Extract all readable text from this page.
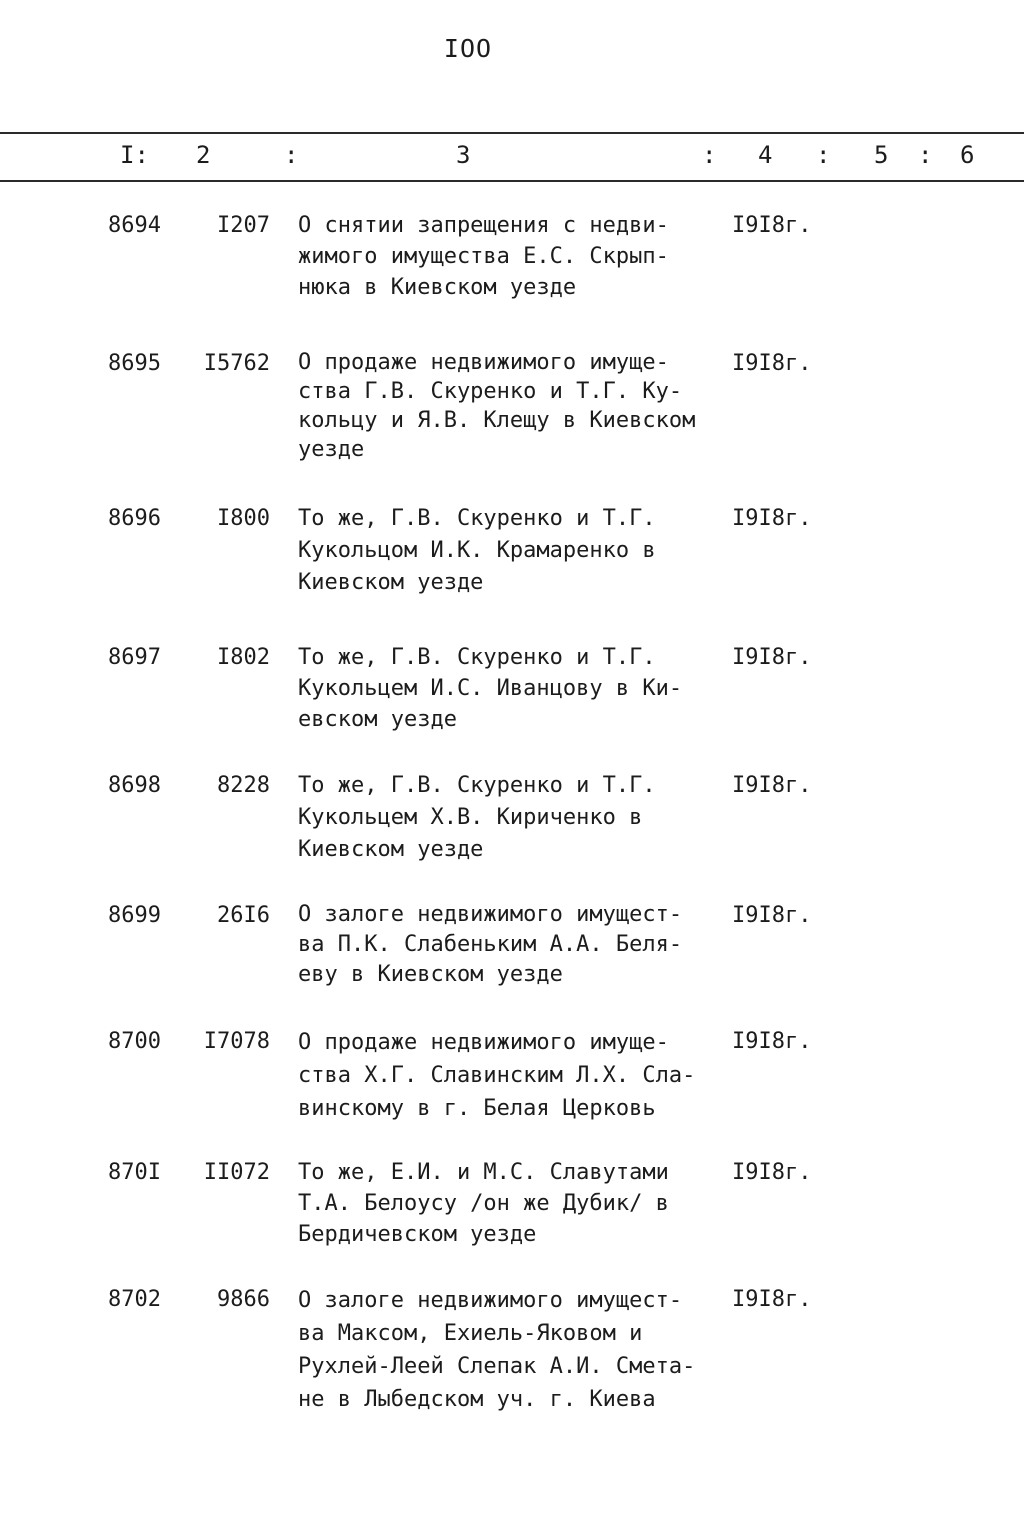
IOO
I: 2	:	3	: 4 : 5 : 6
8694	I207 О снятии запрещения с недви-
жимого имущества Е.С. Скрып-
нюка в Киевском уезде
I9I8г.
8695	I5762 О продаже недвижимого имуще-
ства Г.В. Скуренко и Т.Г. Ку-
кольцу и Я.В. Клещу в Киевском
уезде
I9I8г.
8696	I800 То же, Г.В. Скуренко и Т.Г.
Кукольцом И.К. Крамаренко в
Киевском уезде
I9I8г.
8697	I802 То же, Г.В. Скуренко и Т.Г.
Кукольцем И.С. Иванцову в Ки-
евском уезде
I9I8г.
8698	8228 То же, Г.В. Скуренко и Т.Г.
Кукольцем Х.В. Кириченко в
Киевском уезде
I9I8г.
8699	26I6 О залоге недвижимого имущест-
ва П.К. Слабеньким А.А. Беля-
еву в Киевском уезде
I9I8г.
8700	I7078 О продаже недвижимого имуще-
ства Х.Г. Славинским Л.Х. Сла-
винскому в г. Белая Церковь
I9I8г.
870I	II072 То же, Е.И. и М.С. Славутами
Т.А. Белоусу /он же Дубик/ в
Бердичевском уезде
I9I8г.
8702	9866 О залоге недвижимого имущест-
ва Максом, Ехиель-Яковом и
Рухлей-Леей Слепак А.И. Смета-
не в Лыбедском уч. г. Киева
I9I8г.
